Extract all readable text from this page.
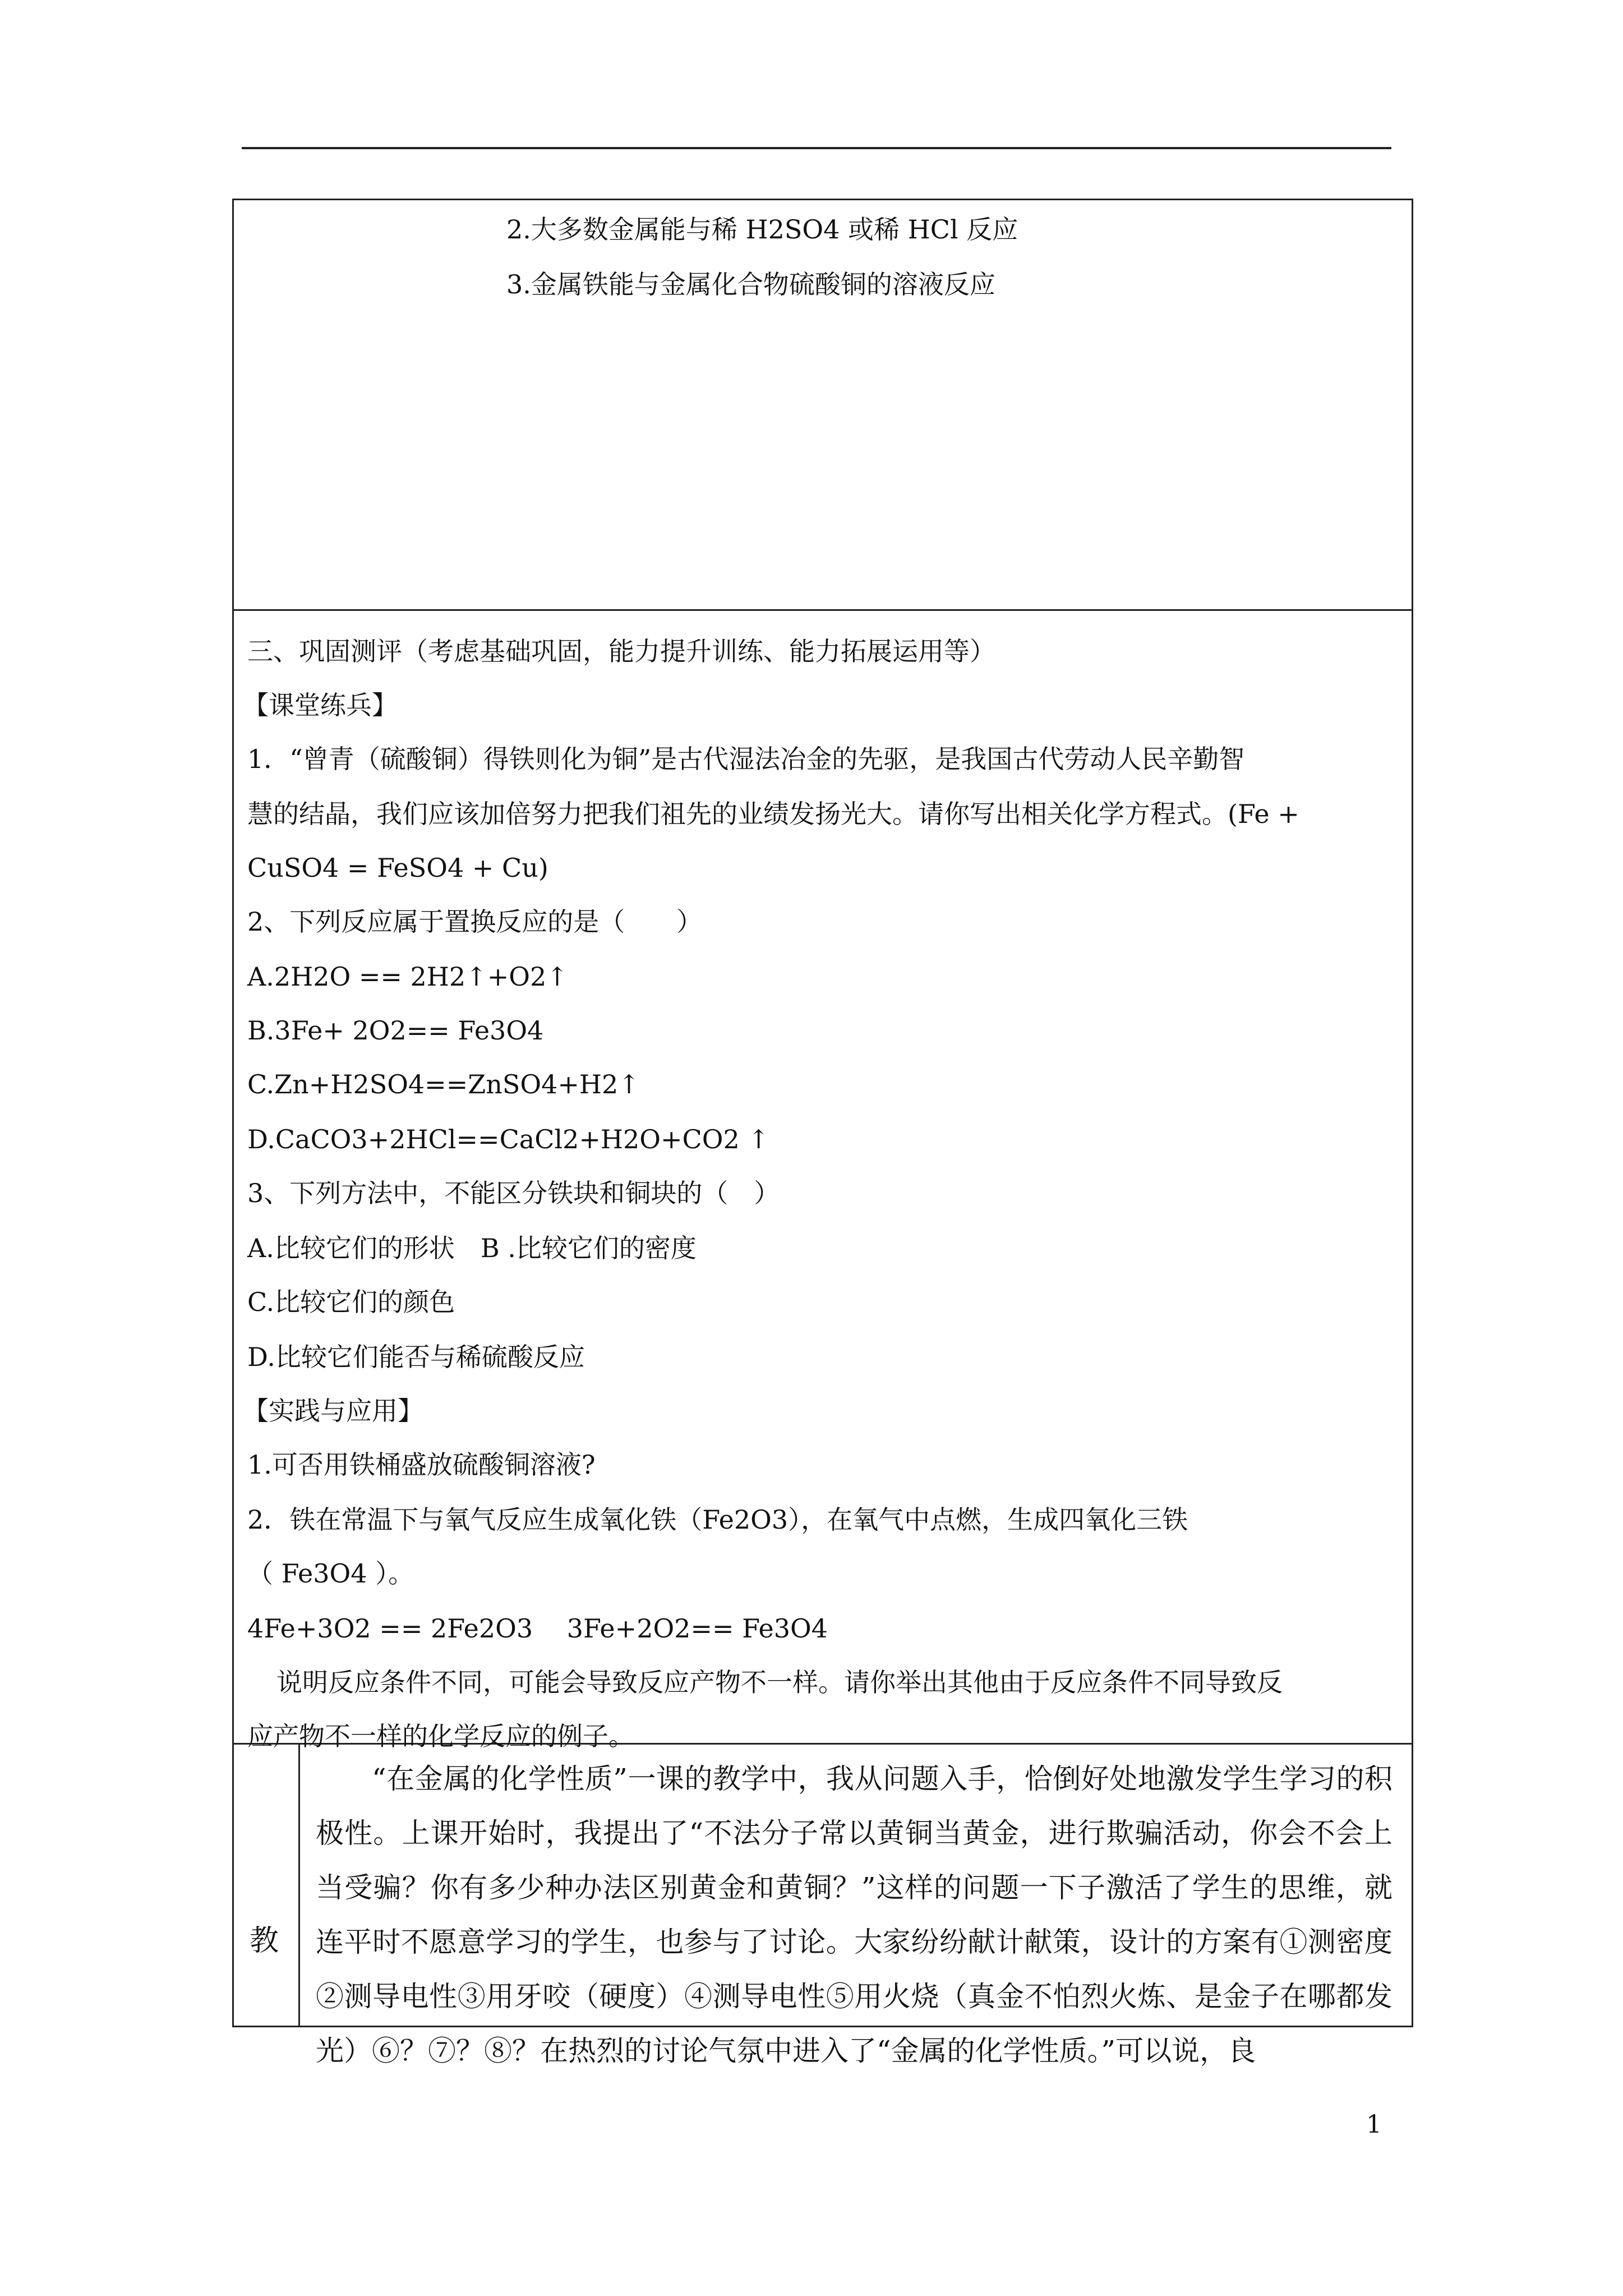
2.大多数金属能与稀 H2SO4 或稀 HCl 反应
3.金属铁能与金属化合物硫酸铜的溶液反应
三、巩固测评（考虑基础巩固，能力提升训练、能力拓展运用等）
【课堂练兵】
1．“曾青（硫酸铜）得铁则化为铜”是古代湿法冶金的先驱，是我国古代劳动人民辛勤智
慧的结晶，我们应该加倍努力把我们祖先的业绩发扬光大。请你写出相关化学方程式。(Fe +
CuSO4 = FeSO4 + Cu)
2、下列反应属于置换反应的是（　　）
A.2H2O == 2H2↑+O2↑
B.3Fe+ 2O2== Fe3O4
C.Zn+H2SO4==ZnSO4+H2↑
D.CaCO3+2HCl==CaCl2+H2O+CO2 ↑
3、下列方法中，不能区分铁块和铜块的（　）
A.比较它们的形状　B .比较它们的密度
C.比较它们的颜色
D.比较它们能否与稀硫酸反应
【实践与应用】
1.可否用铁桶盛放硫酸铜溶液?
2．铁在常温下与氧气反应生成氧化铁（Fe2O3），在氧气中点燃，生成四氧化三铁
（ Fe3O4 ）。
4Fe+3O2 == 2Fe2O3　 3Fe+2O2== Fe3O4
说明反应条件不同，可能会导致反应产物不一样。请你举出其他由于反应条件不同导致反
应产物不一样的化学反应的例子。
教

“在金属的化学性质”一课的教学中，我从问题入手，恰倒好处地激发学生学习的积极性。上课开始时，我提出了“不法分子常以黄铜当黄金，进行欺骗活动，你会不会上当受骗？你有多少种办法区别黄金和黄铜？”这样的问题一下子激活了学生的思维，就连平时不愿意学习的学生，也参与了讨论。大家纷纷献计献策，设计的方案有①测密度②测导电性③用牙咬（硬度）④测导电性⑤用火烧（真金不怕烈火炼、是金子在哪都发光）⑥？⑦？⑧？在热烈的讨论气氛中进入了“金属的化学性质。”可以说，良

1
